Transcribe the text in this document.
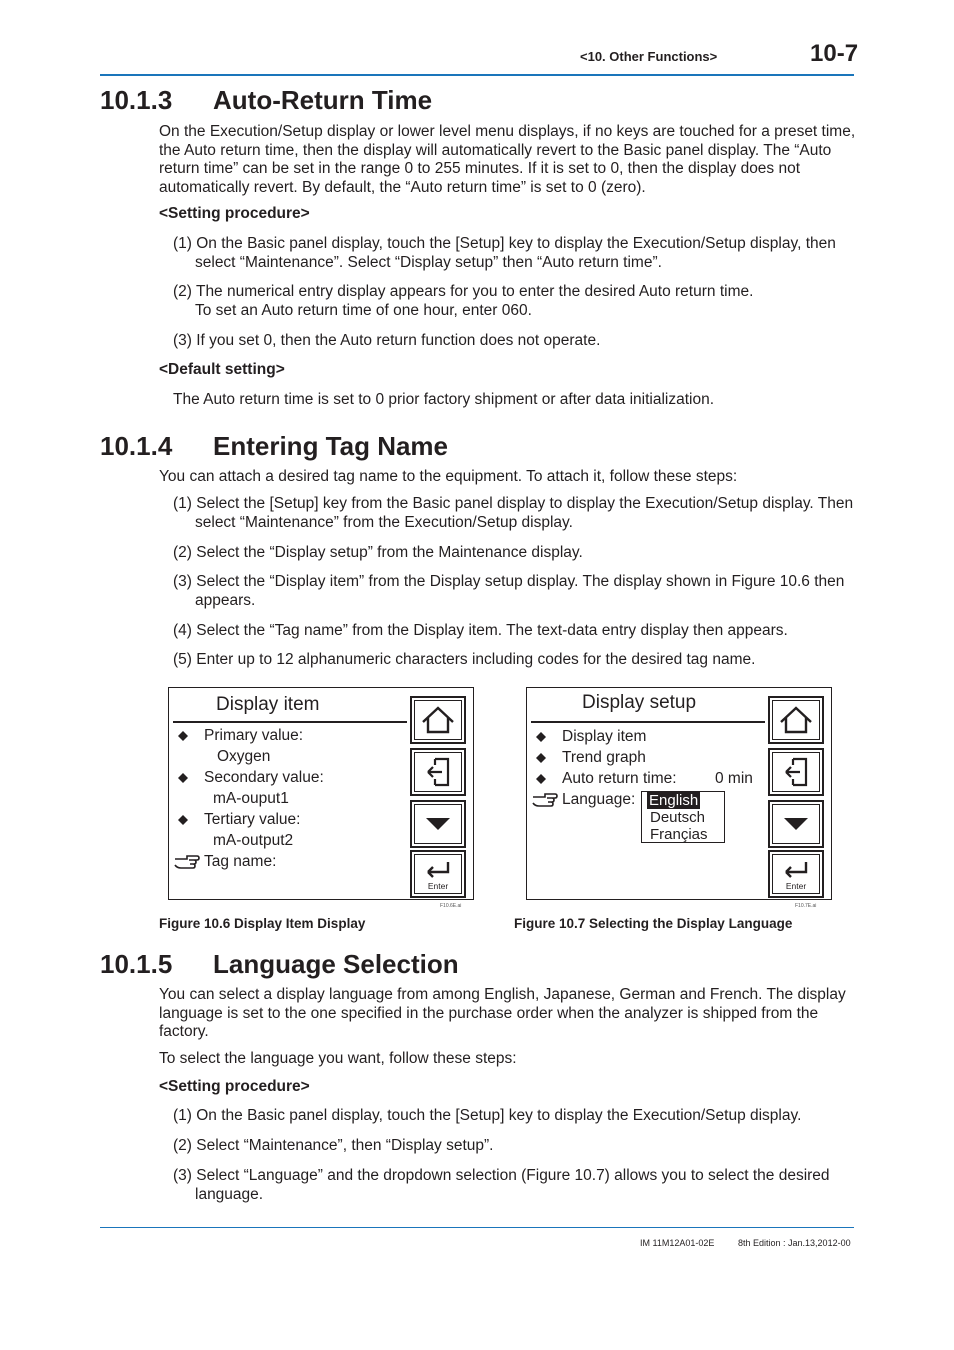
<10. Other Functions>	10-7
10.1.3 Auto-Return Time
On the Execution/Setup display or lower level menu displays, if no keys are touched for a preset time, the Auto return time, then the display will automatically revert to the Basic panel display. The “Auto return time” can be set in the range 0 to 255 minutes. If it is set to 0, then the display does not automatically revert. By default, the “Auto return time” is set to 0 (zero).
<Setting procedure>
(1) On the Basic panel display, touch the [Setup] key to display the Execution/Setup display, then select “Maintenance”. Select “Display setup” then “Auto return time”.
(2) The numerical entry display appears for you to enter the desired Auto return time.
To set an Auto return time of one hour, enter 060.
(3) If you set 0, then the Auto return function does not operate.
<Default setting>
The Auto return time is set to 0 prior factory shipment or after data initialization.
10.1.4 Entering Tag Name
You can attach a desired tag name to the equipment. To attach it, follow these steps:
(1) Select the [Setup] key from the Basic panel display to display the Execution/Setup display. Then select “Maintenance” from the Execution/Setup display.
(2) Select the “Display setup” from the Maintenance display.
(3) Select the “Display item” from the Display setup display. The display shown in Figure 10.6 then appears.
(4) Select the “Tag name” from the Display item. The text-data entry display then appears.
(5) Enter up to 12 alphanumeric characters including codes for the desired tag name.
Display item
Primary value:
Oxygen
Secondary value:
mA-ouput1
Tertiary value:
mA-output2
Tag name:
Enter
F10.6E.ai
Figure 10.6 Display Item Display
Display setup
Display item
Trend graph
Auto return time: 0 min
Language: English
Deutsch
Françias
Enter
F10.7E.ai
Figure 10.7 Selecting the Display Language
10.1.5 Language Selection
You can select a display language from among English, Japanese, German and French. The display language is set to the one specified in the purchase order when the analyzer is shipped from the factory.
To select the language you want, follow these steps:
<Setting procedure>
(1) On the Basic panel display, touch the [Setup] key to display the Execution/Setup display.
(2) Select “Maintenance”, then “Display setup”.
(3) Select “Language” and the dropdown selection (Figure 10.7) allows you to select the desired language.
IM 11M12A01-02E	8th Edition : Jan.13,2012-00
